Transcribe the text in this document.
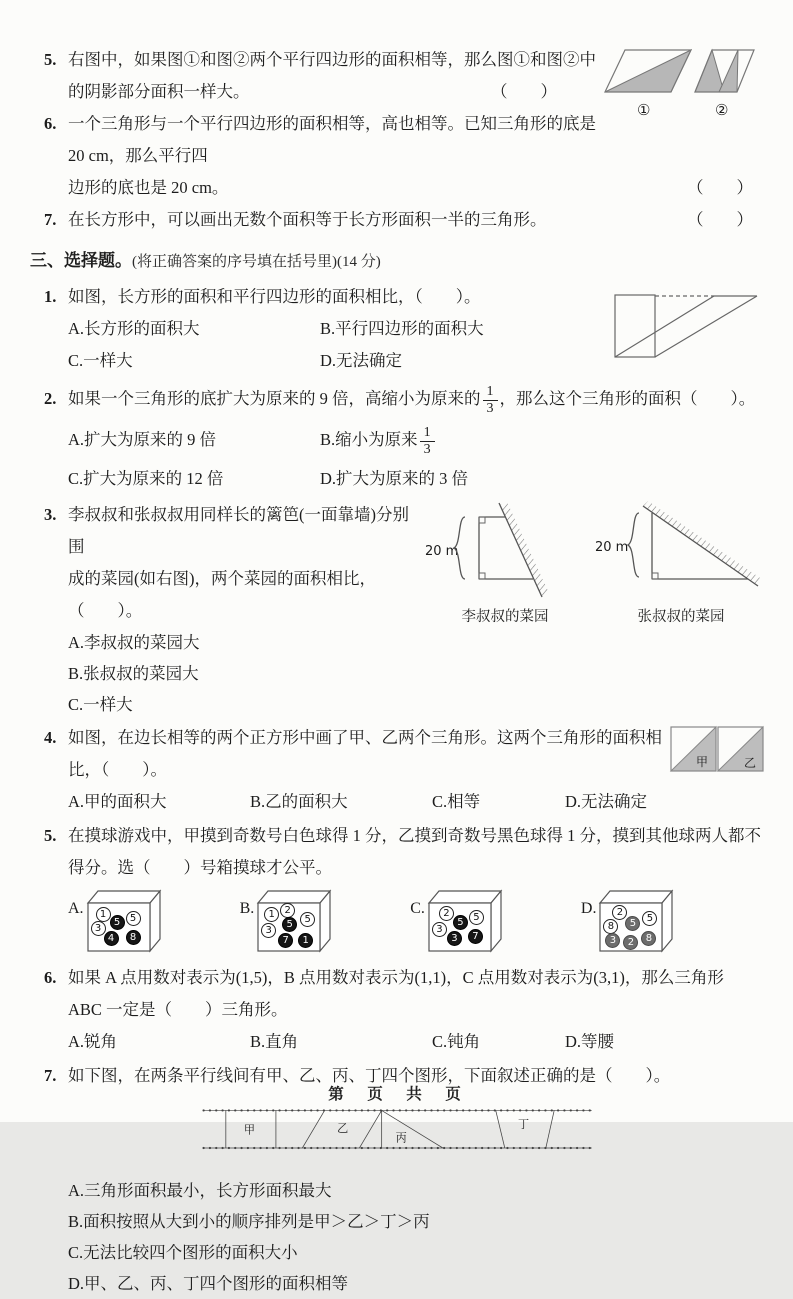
①	②
5. 右图中，如果图①和图②两个平行四边形的面积相等，那么图①和图②中
的阴影部分面积一样大。	（　　）
6. 一个三角形与一个平行四边形的面积相等，高也相等。已知三角形的底是 20 cm，那么平行四
边形的底也是 20 cm。	（　　）
7. 在长方形中，可以画出无数个面积等于长方形面积一半的三角形。	（　　）
三、选择题。(将正确答案的序号填在括号里)(14 分)
1. 如图，长方形的面积和平行四边形的面积相比，（　　）。
A.长方形的面积大	B.平行四边形的面积大
C.一样大	D.无法确定
2. 如果一个三角形的底扩大为原来的 9 倍，高缩小为原来的 $\frac{1}{3}$ ，那么这个三角形的面积（　　）。
A.扩大为原来的 9 倍	B.缩小为原来 $\frac{1}{3}$
C.扩大为原来的 12 倍	D.扩大为原来的 3 倍
20 m
李叔叔的菜园
20 m
张叔叔的菜园
3. 李叔叔和张叔叔用同样长的篱笆(一面靠墙)分别围
成的菜园(如右图)，两个菜园的面积相比，（　　）。
A.李叔叔的菜园大
B.张叔叔的菜园大
C.一样大
甲	乙
4. 如图，在边长相等的两个正方形中画了甲、乙两个三角形。这两个三角形的面积相
比，（　　）。
A.甲的面积大	B.乙的面积大	C.相等	D.无法确定
5. 在摸球游戏中，甲摸到奇数号白色球得 1 分，乙摸到奇数号黑色球得 1 分，摸到其他球两人都不
得分。选（　　）号箱摸球才公平。
A.	1	5
3
5
4	8
B.	1 2
5
3
5
7	1
C.	2	5
3
5
3	7
D.	2
5
8	5
3	2	8
6. 如果 A 点用数对表示为(1,5)，B 点用数对表示为(1,1)，C 点用数对表示为(3,1)，那么三角形
ABC 一定是（　　）三角形。
A.锐角	B.直角	C.钝角	D.等腰
7. 如下图，在两条平行线间有甲、乙、丙、丁四个图形，下面叙述正确的是（　　）。
甲	乙
丙
丁
A.三角形面积最小，长方形面积最大
B.面积按照从大到小的顺序排列是甲＞乙＞丁＞丙
C.无法比较四个图形的面积大小
D.甲、乙、丙、丁四个图形的面积相等
第　页　共　页
